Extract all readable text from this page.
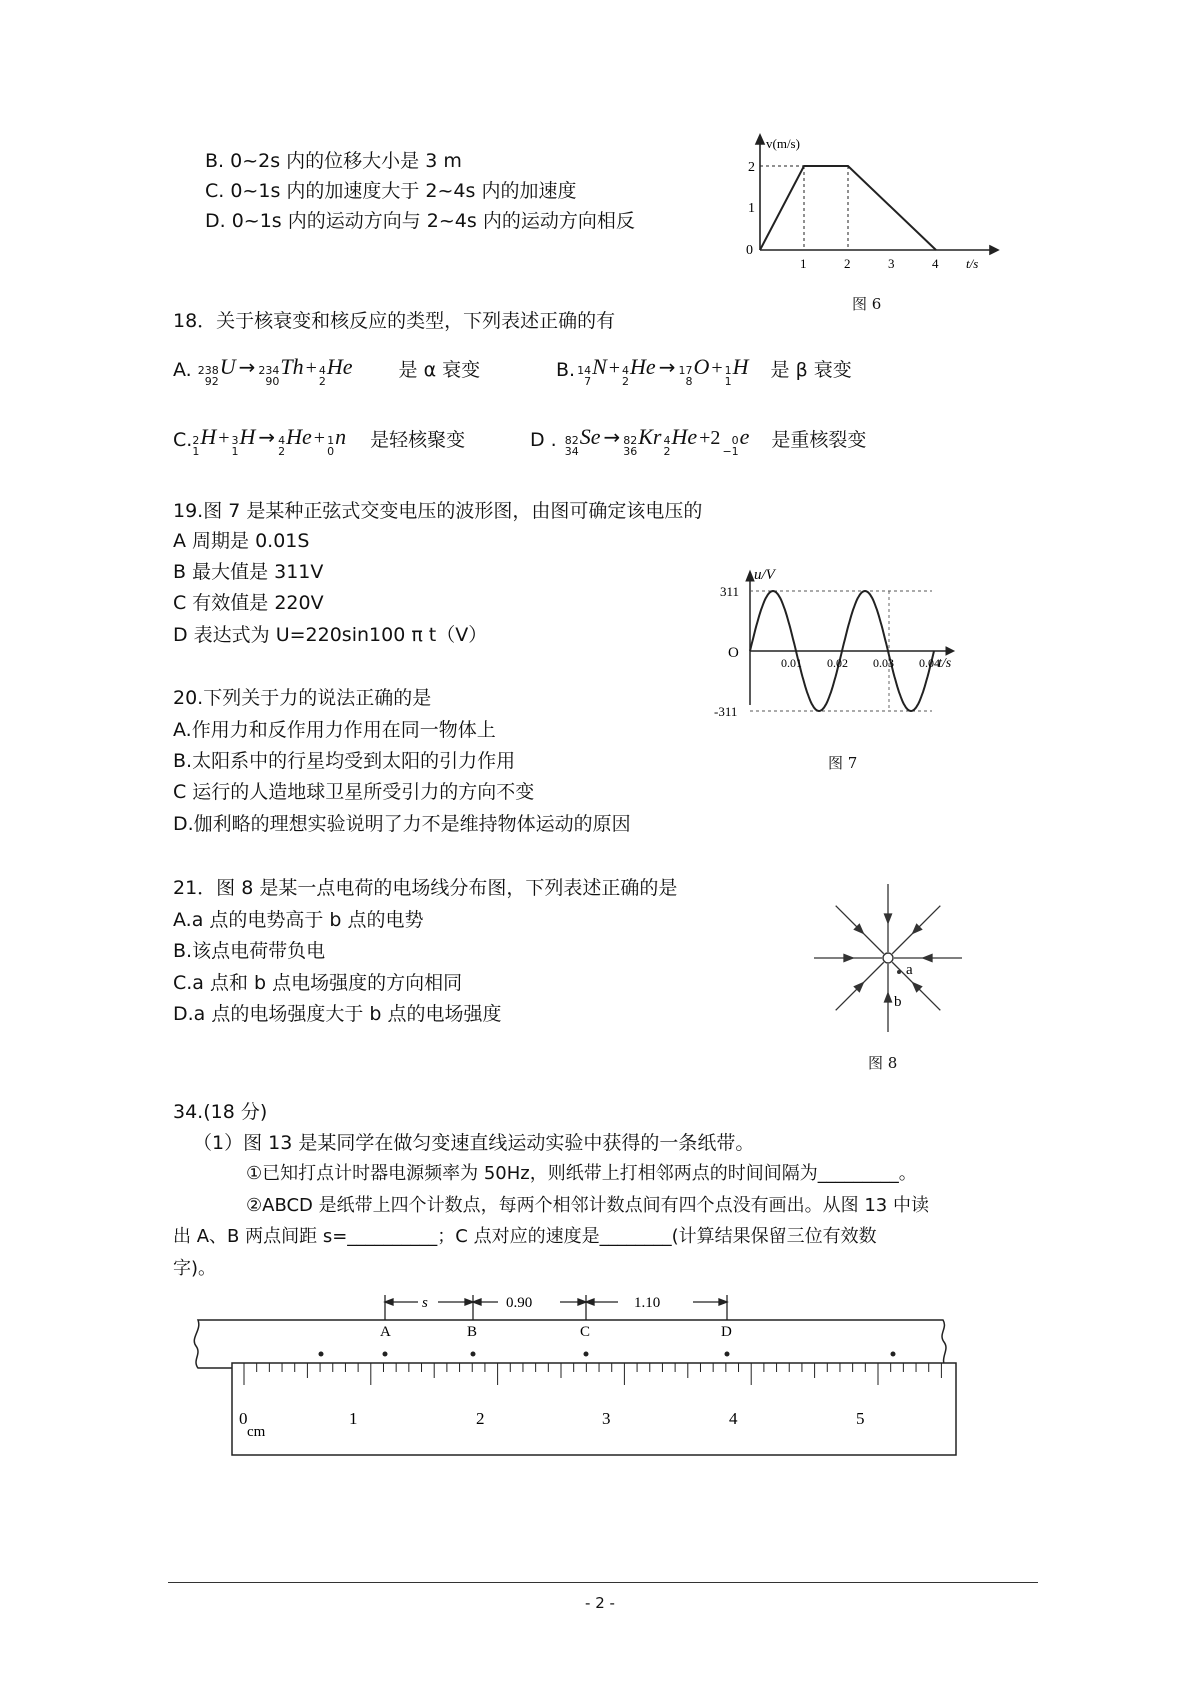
B. 0~2s 内的位移大小是 3 m
C. 0~1s 内的加速度大于 2~4s 内的加速度
D. 0~1s 内的运动方向与 2~4s 内的运动方向相反
v(m/s)
0
2
1
1	2	3	4 t/s
图 6
18．关于核衰变和核反应的类型，下列表述正确的有
A. 238
92
U → 234
90
Th + 4
2
He 是 α 衰变	B. 14
7
N + 4
2
He → 17
8
O + 1
1
H 是 β 衰变
C. 2
1
H + 3
1
H → 4
2
He + 1
0
n 是轻核聚变	D . 82
34
Se → 82
36
Kr 4
2
He +2	0
−1
e 是重核裂变
19.图 7 是某种正弦式交变电压的波形图，由图可确定该电压的
A 周期是 0.01S
B 最大值是 311V
C 有效值是 220V
D 表达式为 U=220sin100 π t（V）
u/V
311
-311
O
0.01 0.02 0.03 0.04
t/s
图 7
20.下列关于力的说法正确的是
A.作用力和反作用力作用在同一物体上
B.太阳系中的行星均受到太阳的引力作用
C 运行的人造地球卫星所受引力的方向不变
D.伽利略的理想实验说明了力不是维持物体运动的原因
21．图 8 是某一点电荷的电场线分布图，下列表述正确的是
A.a 点的电势高于 b 点的电势
B.该点电荷带负电
C.a 点和 b 点电场强度的方向相同
D.a 点的电场强度大于 b 点的电场强度
a
b
图 8
34.(18 分)
（1）图 13 是某同学在做匀变速直线运动实验中获得的一条纸带。
①已知打点计时器电源频率为 50Hz，则纸带上打相邻两点的时间间隔为_________。
②ABCD 是纸带上四个计数点，每两个相邻计数点间有四个点没有画出。从图 13 中读
出 A、B 两点间距 s=__________；C 点对应的速度是________(计算结果保留三位有效数
字)。
s	0.90	1.10
A	B	C	D
0
cm
1	2	3	4	5
- 2 -
